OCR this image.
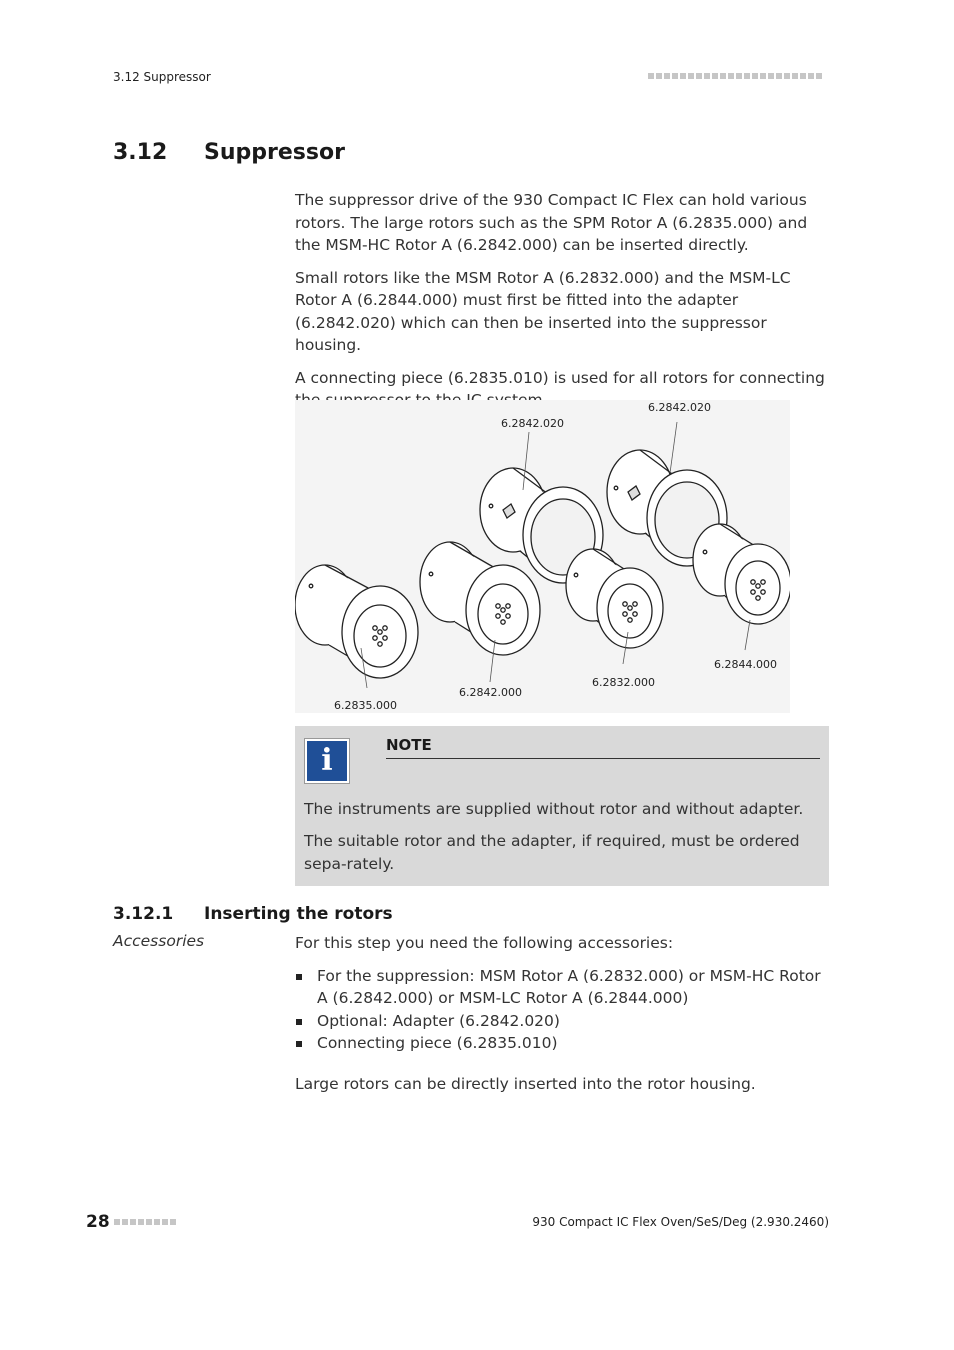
3.12 Suppressor
3.12 Suppressor

The suppressor drive of the 930 Compact IC Flex can hold various rotors. The large rotors such as the SPM Rotor A (6.2835.000) and the MSM-HC Rotor A (6.2842.000) can be inserted directly.

Small rotors like the MSM Rotor A (6.2832.000) and the MSM-LC Rotor A (6.2844.000) must first be fitted into the adapter (6.2842.020) which can then be inserted into the suppressor housing.

A connecting piece (6.2835.010) is used for all rotors for connecting

6.2842.020
6.2842.020
6.2835.000
6.2842.000
6.2832.000
6.2844.000
i	NOTE

The instruments are supplied without rotor and without adapter.

The suitable rotor and the adapter, if required, must be ordered sepa-rately.

3.12.1 Inserting the rotors
Accessories	For this step you need the following accessories:

For the suppression: MSM Rotor A (6.2832.000) or MSM-HC Rotor A (6.2842.000) or MSM-LC Rotor A (6.2844.000)
Optional: Adapter (6.2842.020)
Connecting piece (6.2835.010)

Large rotors can be directly inserted into the rotor housing.

28	930 Compact IC Flex Oven/SeS/Deg (2.930.2460)
